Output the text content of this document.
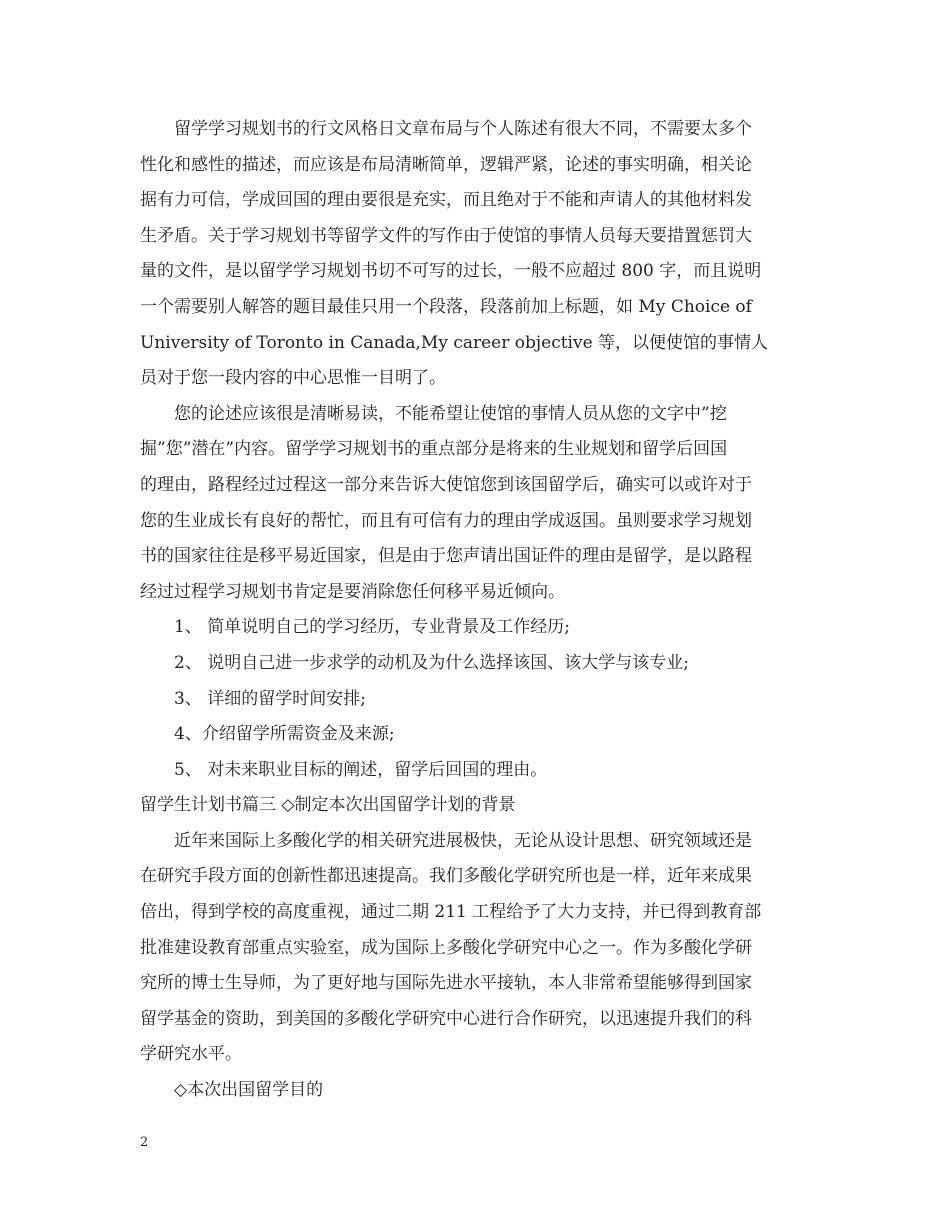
留学学习规划书的行文风格日文章布局与个人陈述有很大不同，不需要太多个
性化和感性的描述，而应该是布局清晰简单，逻辑严紧，论述的事实明确，相关论
据有力可信，学成回国的理由要很是充实，而且绝对于不能和声请人的其他材料发
生矛盾。关于学习规划书等留学文件的写作由于使馆的事情人员每天要措置惩罚大
量的文件，是以留学学习规划书切不可写的过长，一般不应超过 800 字，而且说明
一个需要别人解答的题目最佳只用一个段落，段落前加上标题，如 My Choice of
University of Toronto in Canada,My career objective 等，以便使馆的事情人
员对于您一段内容的中心思惟一目明了。
您的论述应该很是清晰易读，不能希望让使馆的事情人员从您的文字中”挖
掘”您”潜在”内容。留学学习规划书的重点部分是将来的生业规划和留学后回国
的理由，路程经过过程这一部分来告诉大使馆您到该国留学后，确实可以或许对于
您的生业成长有良好的帮忙，而且有可信有力的理由学成返国。虽则要求学习规划
书的国家往往是移平易近国家，但是由于您声请出国证件的理由是留学，是以路程
经过过程学习规划书肯定是要消除您任何移平易近倾向。
1、 简单说明自己的学习经历，专业背景及工作经历;
2、 说明自己进一步求学的动机及为什么选择该国、该大学与该专业;
3、 详细的留学时间安排;
4、介绍留学所需资金及来源;
5、 对未来职业目标的阐述，留学后回国的理由。
留学生计划书篇三 ◇制定本次出国留学计划的背景
近年来国际上多酸化学的相关研究进展极快，无论从设计思想、研究领域还是
在研究手段方面的创新性都迅速提高。我们多酸化学研究所也是一样，近年来成果
倍出，得到学校的高度重视，通过二期 211 工程给予了大力支持，并已得到教育部
批准建设教育部重点实验室，成为国际上多酸化学研究中心之一。作为多酸化学研
究所的博士生导师，为了更好地与国际先进水平接轨，本人非常希望能够得到国家
留学基金的资助，到美国的多酸化学研究中心进行合作研究，以迅速提升我们的科
学研究水平。
◇本次出国留学目的
2
